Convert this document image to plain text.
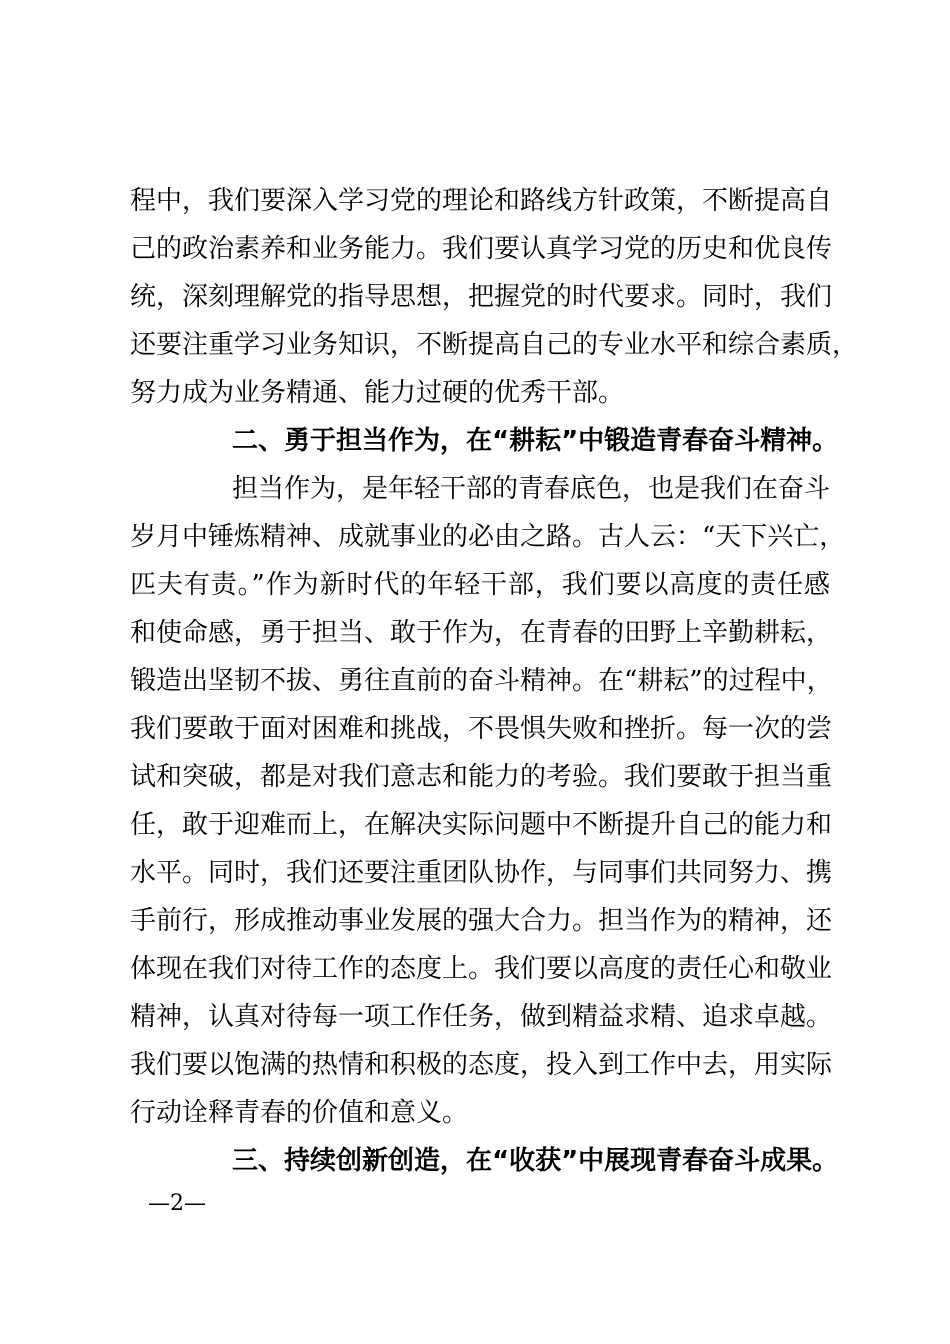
程中，我们要深入学习党的理论和路线方针政策，不断提高自
己的政治素养和业务能力。我们要认真学习党的历史和优良传
统，深刻理解党的指导思想，把握党的时代要求。同时，我们
还要注重学习业务知识，不断提高自己的专业水平和综合素质，
努力成为业务精通、能力过硬的优秀干部。
二、勇于担当作为，在“耕耘”中锻造青春奋斗精神。
担当作为，是年轻干部的青春底色，也是我们在奋斗
岁月中锤炼精神、成就事业的必由之路。古人云：“天下兴亡，
匹夫有责。”作为新时代的年轻干部，我们要以高度的责任感
和使命感，勇于担当、敢于作为，在青春的田野上辛勤耕耘，
锻造出坚韧不拔、勇往直前的奋斗精神。在“耕耘”的过程中，
我们要敢于面对困难和挑战，不畏惧失败和挫折。每一次的尝
试和突破，都是对我们意志和能力的考验。我们要敢于担当重
任，敢于迎难而上，在解决实际问题中不断提升自己的能力和
水平。同时，我们还要注重团队协作，与同事们共同努力、携
手前行，形成推动事业发展的强大合力。担当作为的精神，还
体现在我们对待工作的态度上。我们要以高度的责任心和敬业
精神，认真对待每一项工作任务，做到精益求精、追求卓越。
我们要以饱满的热情和积极的态度，投入到工作中去，用实际
行动诠释青春的价值和意义。
三、持续创新创造，在“收获”中展现青春奋斗成果。
—2—
